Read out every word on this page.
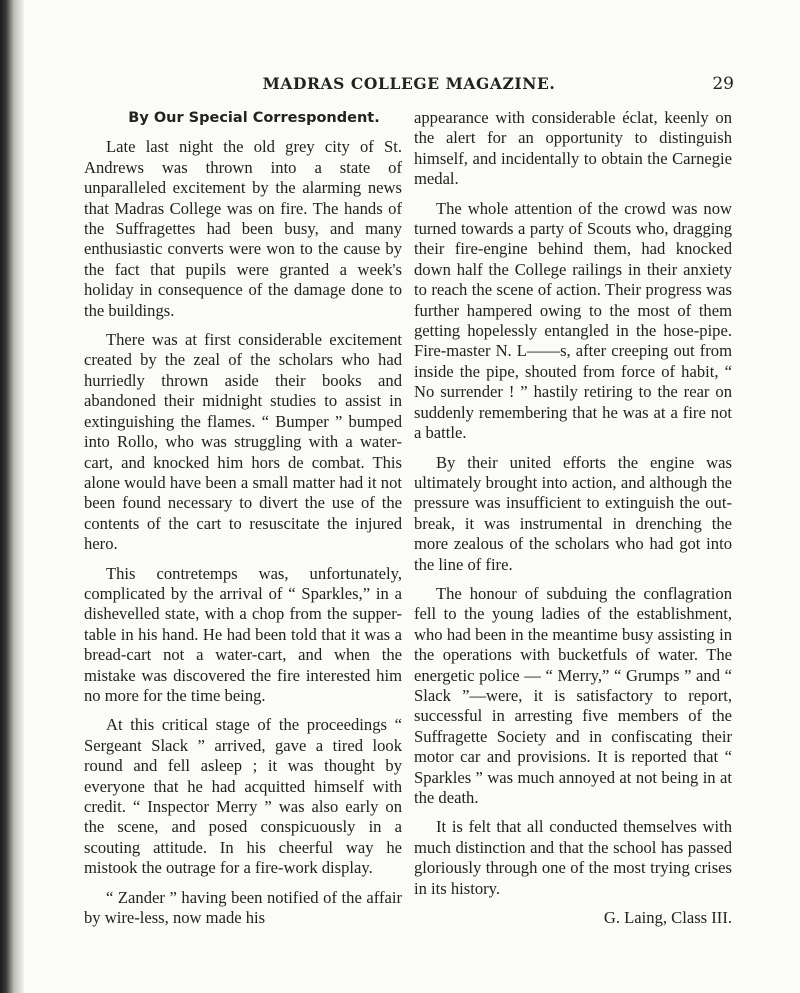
MADRAS COLLEGE MAGAZINE.	29

By Our Special Correspondent.

Late last night the old grey city of St. Andrews was thrown into a state of unparalleled excitement by the alarming news that Madras College was on fire. The hands of the Suffragettes had been busy, and many enthusiastic converts were won to the cause by the fact that pupils were granted a week's holiday in consequence of the damage done to the buildings.

There was at first considerable excitement created by the zeal of the scholars who had hurriedly thrown aside their books and abandoned their midnight studies to assist in extinguishing the flames. “ Bumper ” bumped into Rollo, who was struggling with a water-cart, and knocked him hors de combat. This alone would have been a small matter had it not been found necessary to divert the use of the contents of the cart to resuscitate the injured hero.

This contretemps was, unfortunately, complicated by the arrival of “ Sparkles,” in a dishevelled state, with a chop from the supper-table in his hand. He had been told that it was a bread-cart not a water-cart, and when the mistake was discovered the fire interested him no more for the time being.

At this critical stage of the proceedings “ Sergeant Slack ” arrived, gave a tired look round and fell asleep ; it was thought by everyone that he had acquitted himself with credit. “ Inspector Merry ” was also early on the scene, and posed conspicuously in a scouting attitude. In his cheerful way he mistook the outrage for a fire-work display.

“ Zander ” having been notified of the affair by wire-less, now made his

appearance with considerable éclat, keenly on the alert for an opportunity to distinguish himself, and incidentally to obtain the Carnegie medal.

The whole attention of the crowd was now turned towards a party of Scouts who, dragging their fire-engine behind them, had knocked down half the College railings in their anxiety to reach the scene of action. Their progress was further hampered owing to the most of them getting hopelessly entangled in the hose-pipe. Fire-master N. L——s, after creeping out from inside the pipe, shouted from force of habit, “ No surrender ! ” hastily retiring to the rear on suddenly remembering that he was at a fire not a battle.

By their united efforts the engine was ultimately brought into action, and although the pressure was insufficient to extinguish the out-break, it was instrumental in drenching the more zealous of the scholars who had got into the line of fire.

The honour of subduing the conflagration fell to the young ladies of the establishment, who had been in the meantime busy assisting in the operations with bucketfuls of water. The energetic police — “ Merry,” “ Grumps ” and “ Slack ”—were, it is satisfactory to report, successful in arresting five members of the Suffragette Society and in confiscating their motor car and provisions. It is reported that “ Sparkles ” was much annoyed at not being in at the death.

It is felt that all conducted themselves with much distinction and that the school has passed gloriously through one of the most trying crises in its history.

G. Laing, Class III.
